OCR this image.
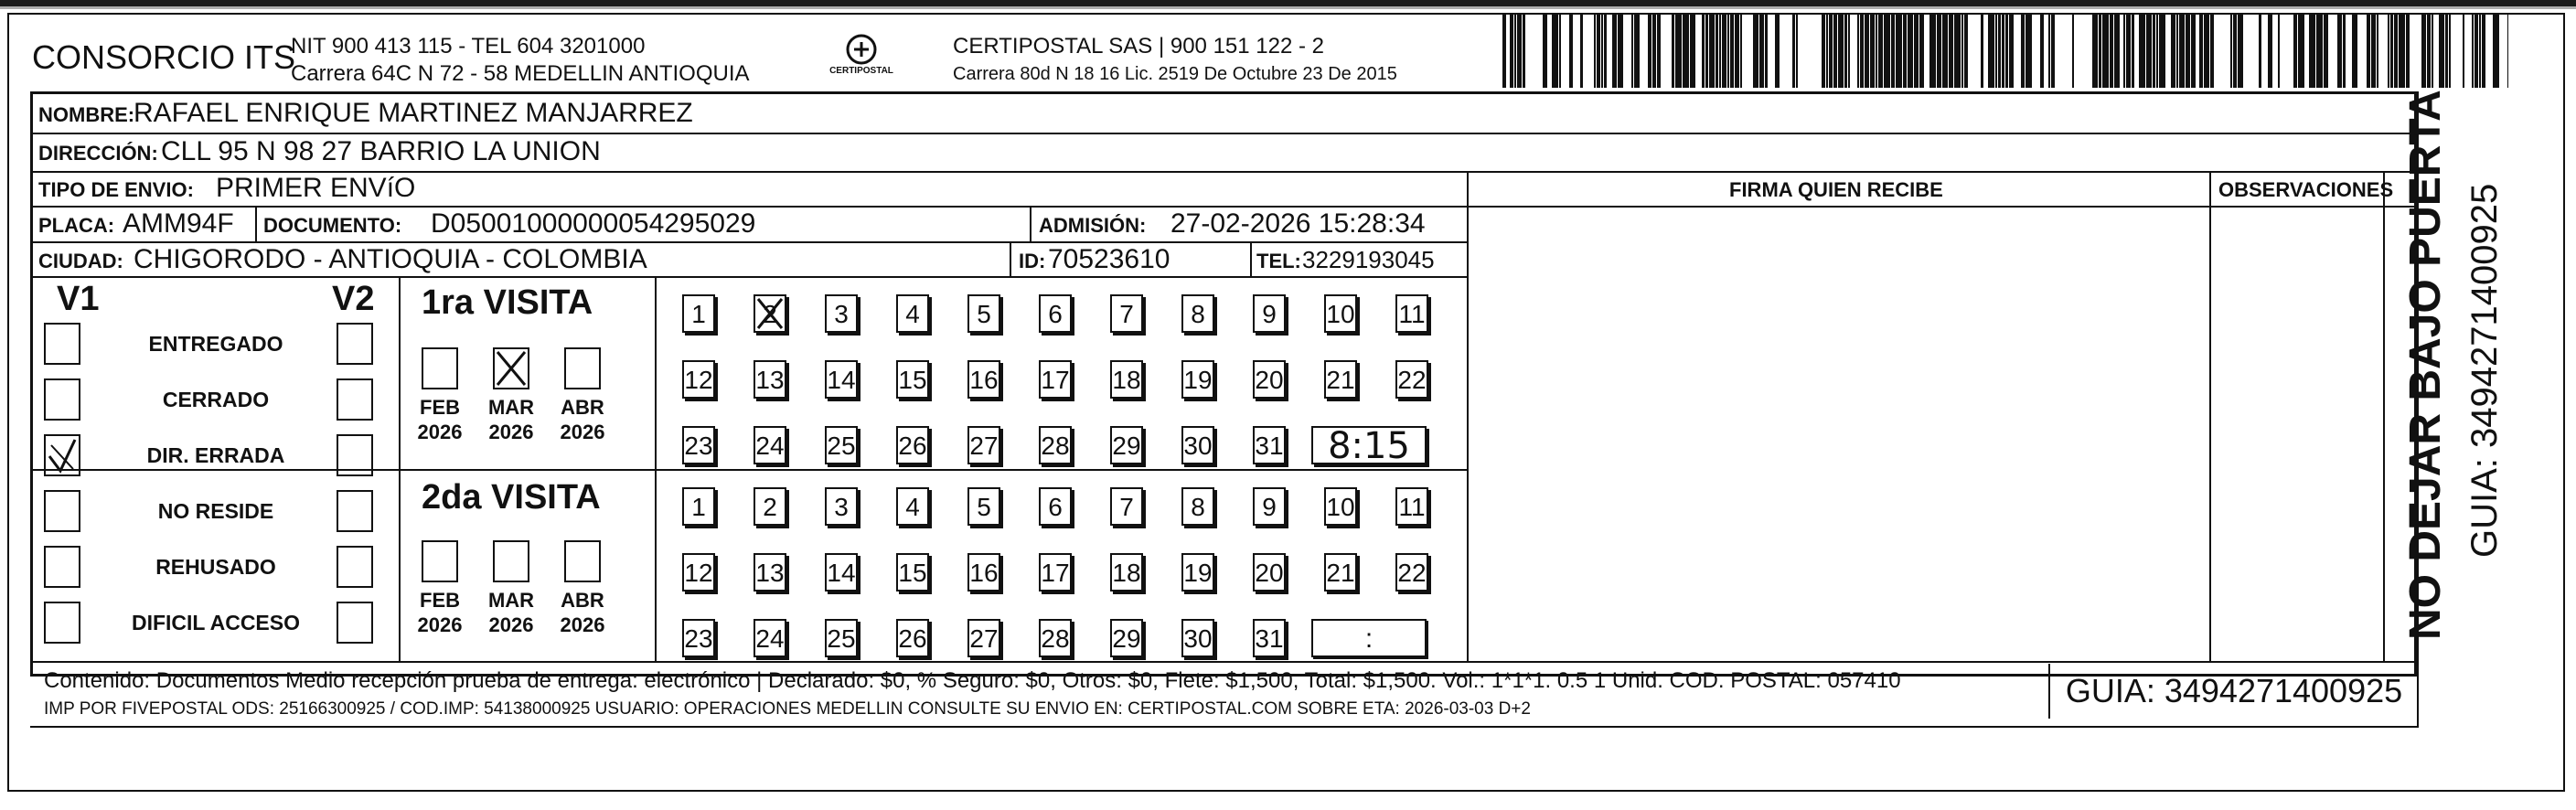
CONSORCIO ITS
NIT 900 413 115 - TEL 604 3201000
Carrera 64C N 72 - 58 MEDELLIN ANTIOQUIA	CERTIPOSTAL
CERTIPOSTAL SAS | 900 151 122 - 2
Carrera 80d N 18 16 Lic. 2519 De Octubre 23 De 2015
NOMBRE:
RAFAEL ENRIQUE MARTINEZ MANJARREZ
DIRECCIÓN: CLL 95 N 98 27 BARRIO LA UNION
TIPO DE ENVIO: PRIMER ENVíO
PLACA: AMM94F DOCUMENTO: D05001000000054295029	ADMISIÓN: 27-02-2026 15:28:34
CIUDAD: CHIGORODO - ANTIOQUIA - COLOMBIA	ID: 70523610	TEL: 3229193045
FIRMA QUIEN RECIBE	OBSERVACIONES
V1	V2
ENTREGADO
CERRADO
DIR. ERRADA
NO RESIDE
REHUSADO
DIFICIL ACCESO
1ra VISITA
2da VISITA
FEB
2026
MAR
2026
ABR
2026
1	2	3	4	5	6	7	8	9	10 11
12 13 14 15 16 17 18 19 20 21 22
23 24 25 26 27 28 29 30 31	8:15
FEB
2026
MAR
2026
ABR
2026
1	2	3	4	5	6	7	8	9	10 11
12 13 14 15 16 17 18 19 20 21 22
23 24 25 26 27 28 29 30 31	:
Contenido: Documentos Medio recepción prueba de entrega: electrónico | Declarado: $0, % Seguro: $0, Otros: $0, Flete: $1,500, Total: $1,500. Vol.: 1*1*1. 0.5 1 Unid. COD. POSTAL: 057410
IMP POR FIVEPOSTAL ODS: 25166300925 / COD.IMP: 54138000925 USUARIO: OPERACIONES MEDELLIN CONSULTE SU ENVIO EN: CERTIPOSTAL.COM SOBRE ETA: 2026-03-03 D+2	GUIA: 3494271400925
NO DEJAR BAJO PUERTA GUIA: 3494271400925
